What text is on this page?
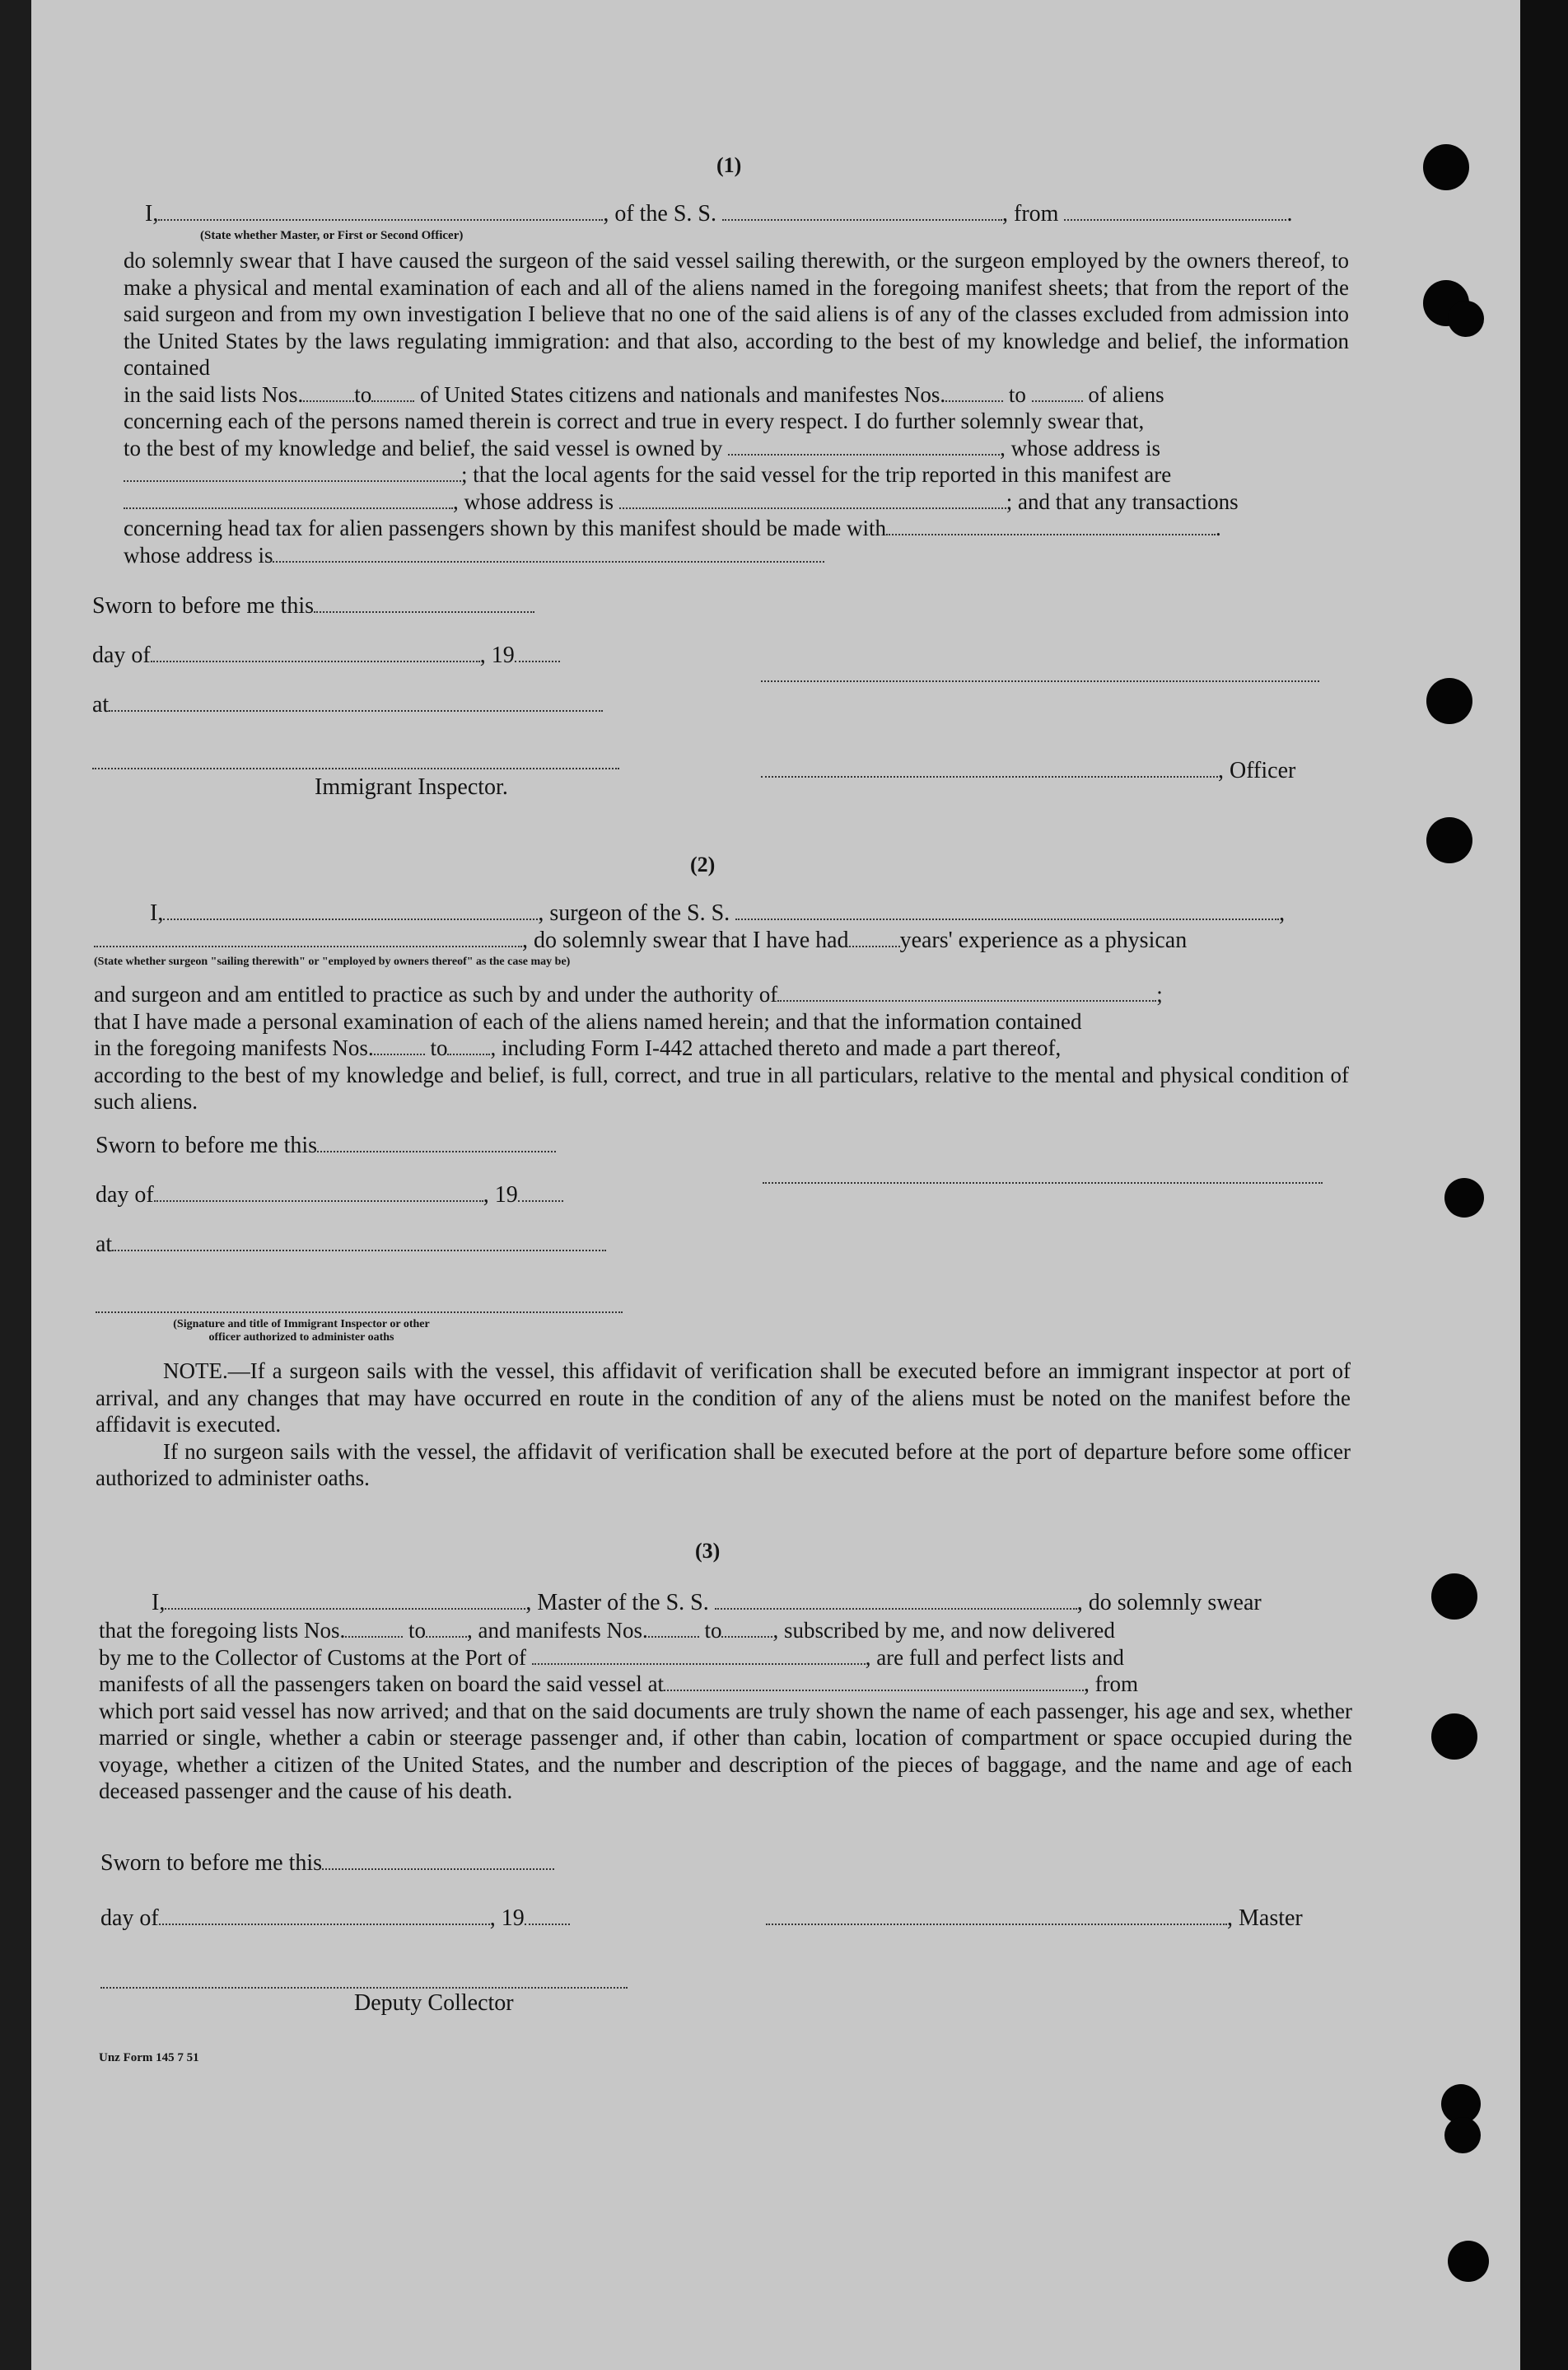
(1)
I,	, of the S. S.	, from	.
(State whether Master, or First or Second Officer)

do solemnly swear that I have caused the surgeon of the said vessel sailing therewith, or the surgeon employed by the owners thereof, to make a physical and mental examination of each and all of the aliens named in the foregoing manifest sheets; that from the report of the said surgeon and from my own investigation I believe that no one of the said aliens is of any of the classes excluded from admission into the United States by the laws regulating immigration: and that also, according to the best of my knowledge and belief, the information contained

in the said lists Nos. to of United States citizens and nationals and manifestes Nos.	to	of aliens

concerning each of the persons named therein is correct and true in every respect. I do further solemnly swear that,

to the best of my knowledge and belief, the said vessel is owned by	, whose address is

; that the local agents for the said vessel for the trip reported in this manifest are

, whose address is	; and that any transactions

concerning head tax for alien passengers shown by this manifest should be made with	.

whose address is

Sworn to before me this
day of	, 19
at
, Officer
Immigrant Inspector.
(2)
I,	, surgeon of the S. S.	,
, do solemnly swear that I have had years' experience as a physican
(State whether surgeon "sailing therewith" or "employed by owners thereof" as the case may be)

and surgeon and am entitled to practice as such by and under the authority of	;

that I have made a personal examination of each of the aliens named herein; and that the information contained

in the foregoing manifests Nos.	to , including Form I-442 attached thereto and made a part thereof,

according to the best of my knowledge and belief, is full, correct, and true in all particulars, relative to the mental and physical condition of such aliens.

Sworn to before me this
day of	, 19
at
(Signature and title of Immigrant Inspector or other
officer authorized to administer oaths

NOTE.—If a surgeon sails with the vessel, this affidavit of verification shall be executed before an immigrant inspector at port of arrival, and any changes that may have occurred en route in the condition of any of the aliens must be noted on the manifest before the affidavit is executed.

If no surgeon sails with the vessel, the affidavit of verification shall be executed before at the port of departure before some officer authorized to administer oaths.

(3)
I,	, Master of the S. S.	, do solemnly swear

that the foregoing lists Nos.	to , and manifests Nos.	to , subscribed by me, and now delivered

by me to the Collector of Customs at the Port of	, are full and perfect lists and

manifests of all the passengers taken on board the said vessel at	, from

which port said vessel has now arrived; and that on the said documents are truly shown the name of each passenger, his age and sex, whether married or single, whether a cabin or steerage passenger and, if other than cabin, location of compartment or space occupied during the voyage, whether a citizen of the United States, and the number and description of the pieces of baggage, and the name and age of each deceased passenger and the cause of his death.

Sworn to before me this
day of	, 19	, Master
Deputy Collector
Unz Form 145 7 51
